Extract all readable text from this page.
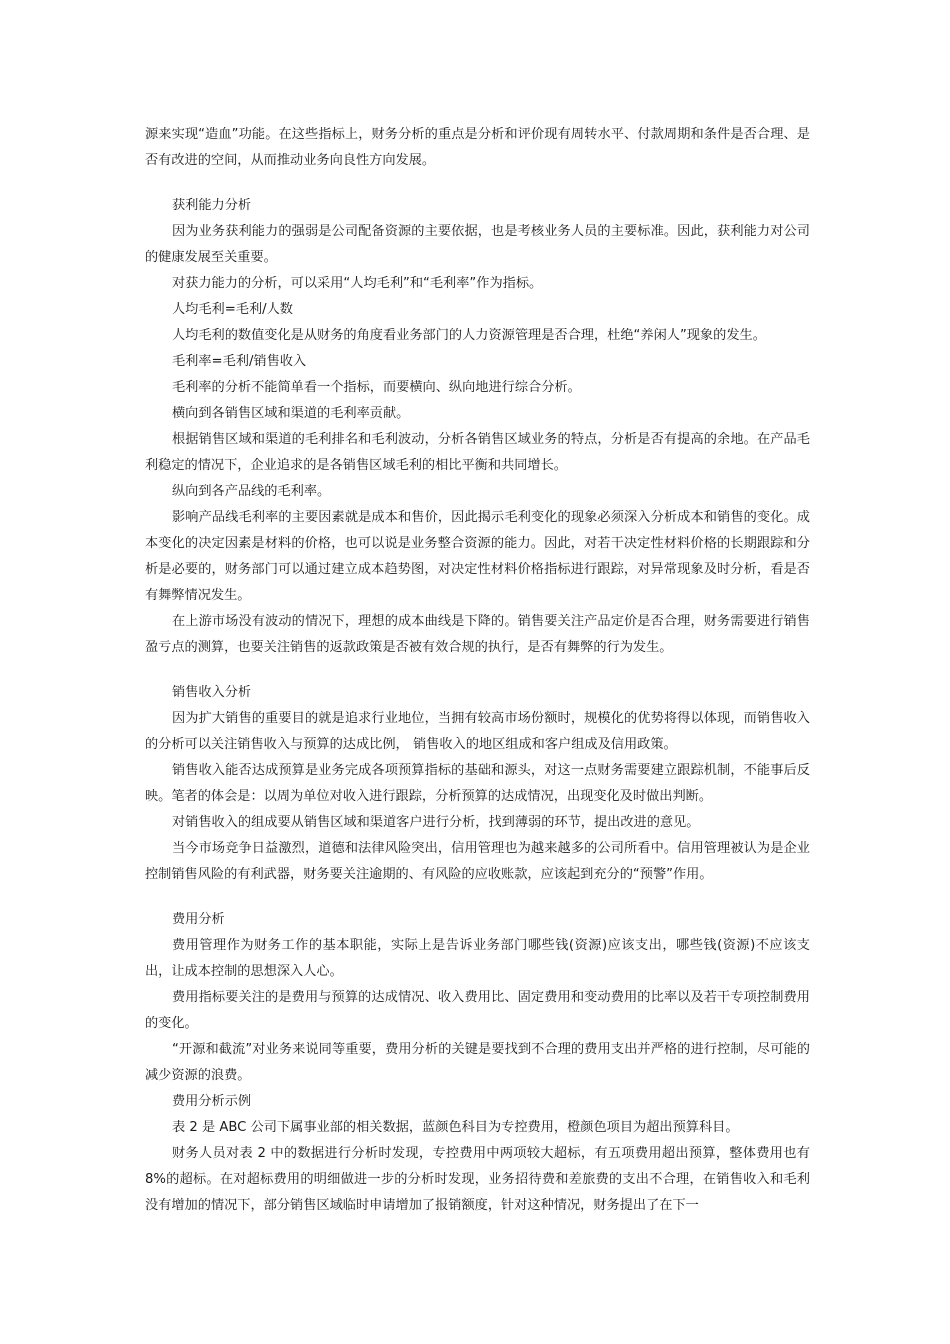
源来实现“造血”功能。在这些指标上，财务分析的重点是分析和评价现有周转水平、付款周期和条件是否合理、是否有改进的空间，从而推动业务向良性方向发展。

获利能力分析

因为业务获利能力的强弱是公司配备资源的主要依据，也是考核业务人员的主要标准。因此，获利能力对公司的健康发展至关重要。

对获力能力的分析，可以采用“人均毛利”和“毛利率”作为指标。

人均毛利=毛利/人数

人均毛利的数值变化是从财务的角度看业务部门的人力资源管理是否合理，杜绝“养闲人”现象的发生。

毛利率=毛利/销售收入

毛利率的分析不能简单看一个指标，而要横向、纵向地进行综合分析。

横向到各销售区域和渠道的毛利率贡献。

根据销售区域和渠道的毛利排名和毛利波动，分析各销售区域业务的特点，分析是否有提高的余地。在产品毛利稳定的情况下，企业追求的是各销售区域毛利的相比平衡和共同增长。

纵向到各产品线的毛利率。

影响产品线毛利率的主要因素就是成本和售价，因此揭示毛利变化的现象必须深入分析成本和销售的变化。成本变化的决定因素是材料的价格，也可以说是业务整合资源的能力。因此，对若干决定性材料价格的长期跟踪和分析是必要的，财务部门可以通过建立成本趋势图，对决定性材料价格指标进行跟踪，对异常现象及时分析，看是否有舞弊情况发生。

在上游市场没有波动的情况下，理想的成本曲线是下降的。销售要关注产品定价是否合理，财务需要进行销售盈亏点的测算，也要关注销售的返款政策是否被有效合规的执行，是否有舞弊的行为发生。

销售收入分析

因为扩大销售的重要目的就是追求行业地位，当拥有较高市场份额时，规模化的优势将得以体现，而销售收入的分析可以关注销售收入与预算的达成比例， 销售收入的地区组成和客户组成及信用政策。

销售收入能否达成预算是业务完成各项预算指标的基础和源头，对这一点财务需要建立跟踪机制，不能事后反映。笔者的体会是：以周为单位对收入进行跟踪，分析预算的达成情况，出现变化及时做出判断。

对销售收入的组成要从销售区域和渠道客户进行分析，找到薄弱的环节，提出改进的意见。

当今市场竞争日益激烈，道德和法律风险突出，信用管理也为越来越多的公司所看中。信用管理被认为是企业控制销售风险的有利武器，财务要关注逾期的、有风险的应收账款，应该起到充分的“预警”作用。

费用分析

费用管理作为财务工作的基本职能，实际上是告诉业务部门哪些钱(资源)应该支出，哪些钱(资源)不应该支出，让成本控制的思想深入人心。

费用指标要关注的是费用与预算的达成情况、收入费用比、固定费用和变动费用的比率以及若干专项控制费用的变化。

“开源和截流”对业务来说同等重要，费用分析的关键是要找到不合理的费用支出并严格的进行控制，尽可能的减少资源的浪费。

费用分析示例

表 2 是 ABC 公司下属事业部的相关数据，蓝颜色科目为专控费用，橙颜色项目为超出预算科目。

财务人员对表 2 中的数据进行分析时发现，专控费用中两项较大超标，有五项费用超出预算，整体费用也有 8%的超标。在对超标费用的明细做进一步的分析时发现，业务招待费和差旅费的支出不合理，在销售收入和毛利没有增加的情况下，部分销售区域临时申请增加了报销额度，针对这种情况，财务提出了在下一
